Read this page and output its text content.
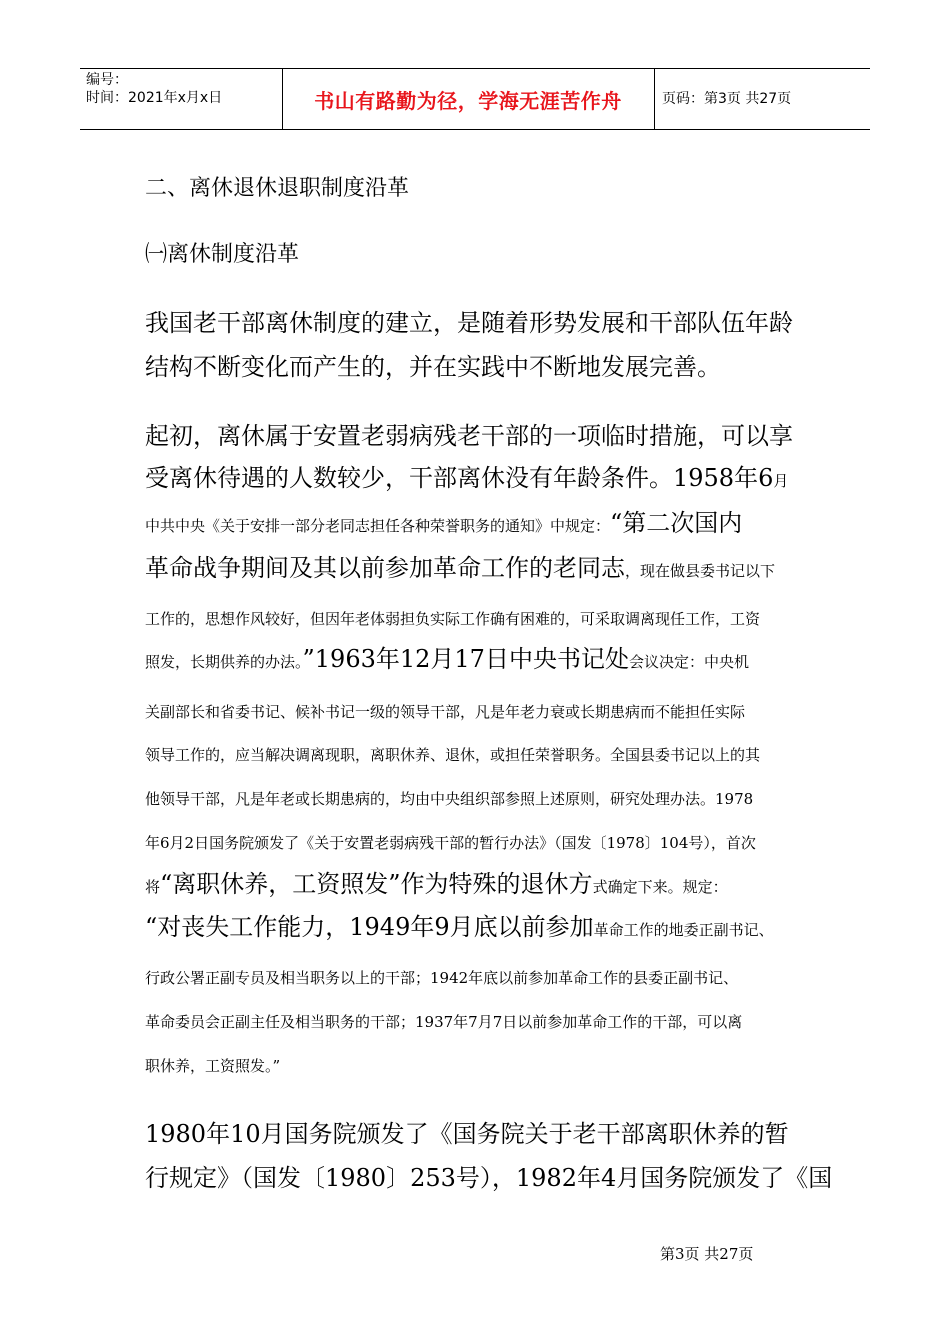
编号：
时间：2021年x月x日	书山有路勤为径，学海无涯苦作舟	页码：第3页 共27页
二、离休退休退职制度沿革
㈠离休制度沿革
我国老干部离休制度的建立，是随着形势发展和干部队伍年龄
结构不断变化而产生的，并在实践中不断地发展完善。
起初，离休属于安置老弱病残老干部的一项临时措施，可以享
受离休待遇的人数较少，干部离休没有年龄条件。1958年6月
中共中央《关于安排一部分老同志担任各种荣誉职务的通知》中规定：“第二次国内
革命战争期间及其以前参加革命工作的老同志，现在做县委书记以下
工作的，思想作风较好，但因年老体弱担负实际工作确有困难的，可采取调离现任工作，工资
照发，长期供养的办法。”1963年12月17日中央书记处会议决定：中央机
关副部长和省委书记、候补书记一级的领导干部，凡是年老力衰或长期患病而不能担任实际
领导工作的，应当解决调离现职，离职休养、退休，或担任荣誉职务。全国县委书记以上的其
他领导干部，凡是年老或长期患病的，均由中央组织部参照上述原则，研究处理办法。1978
年6月2日国务院颁发了《关于安置老弱病残干部的暂行办法》（国发〔1978〕104号），首次
将“离职休养，工资照发”作为特殊的退休方式确定下来。规定：
“对丧失工作能力，1949年9月底以前参加革命工作的地委正副书记、
行政公署正副专员及相当职务以上的干部；1942年底以前参加革命工作的县委正副书记、
革命委员会正副主任及相当职务的干部；1937年7月7日以前参加革命工作的干部，可以离
职休养，工资照发。”
1980年10月国务院颁发了《国务院关于老干部离职休养的暂
行规定》（国发〔1980〕253号），1982年4月国务院颁发了《国
第3页 共27页
